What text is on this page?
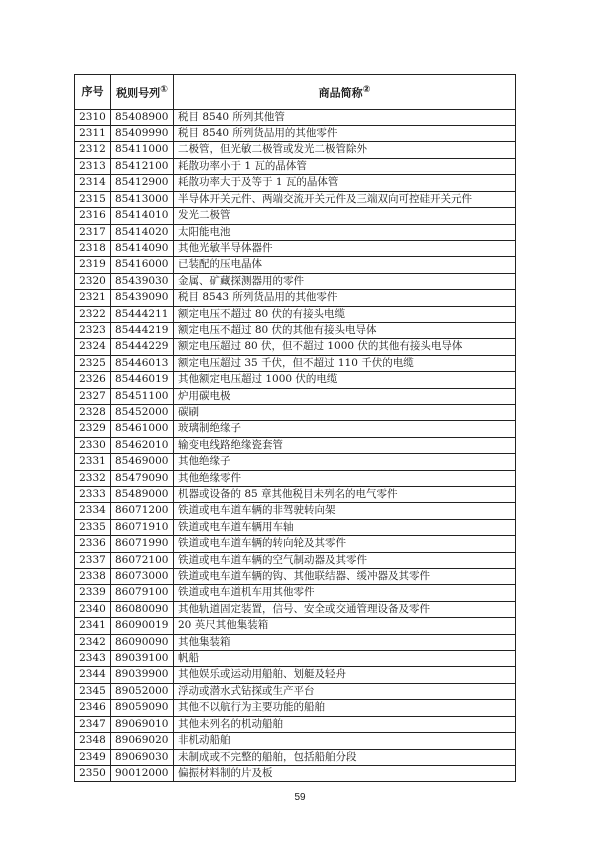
序号	税则号列①	商品简称②
2310	85408900	税目 8540 所列其他管
2311	85409990	税目 8540 所列货品用的其他零件
2312	85411000	二极管，但光敏二极管或发光二极管除外
2313	85412100	耗散功率小于 1 瓦的晶体管
2314	85412900	耗散功率大于及等于 1 瓦的晶体管
2315	85413000	半导体开关元件、两端交流开关元件及三端双向可控硅开关元件
2316	85414010	发光二极管
2317	85414020	太阳能电池
2318	85414090	其他光敏半导体器件
2319	85416000	已装配的压电晶体
2320	85439030	金属、矿藏探测器用的零件
2321	85439090	税目 8543 所列货品用的其他零件
2322	85444211	额定电压不超过 80 伏的有接头电缆
2323	85444219	额定电压不超过 80 伏的其他有接头电导体
2324	85444229	额定电压超过 80 伏，但不超过 1000 伏的其他有接头电导体
2325	85446013	额定电压超过 35 千伏，但不超过 110 千伏的电缆
2326	85446019	其他额定电压超过 1000 伏的电缆
2327	85451100	炉用碳电极
2328	85452000	碳刷
2329	85461000	玻璃制绝缘子
2330	85462010	输变电线路绝缘瓷套管
2331	85469000	其他绝缘子
2332	85479090	其他绝缘零件
2333	85489000	机器或设备的 85 章其他税目未列名的电气零件
2334	86071200	铁道或电车道车辆的非驾驶转向架
2335	86071910	铁道或电车道车辆用车轴
2336	86071990	铁道或电车道车辆的转向轮及其零件
2337	86072100	铁道或电车道车辆的空气制动器及其零件
2338	86073000	铁道或电车道车辆的钩、其他联结器、缓冲器及其零件
2339	86079100	铁道或电车道机车用其他零件
2340	86080090	其他轨道固定装置，信号、安全或交通管理设备及零件
2341	86090019	20 英尺其他集装箱
2342	86090090	其他集装箱
2343	89039100	帆船
2344	89039900	其他娱乐或运动用船舶、划艇及轻舟
2345	89052000	浮动或潜水式钻探或生产平台
2346	89059090	其他不以航行为主要功能的船舶
2347	89069010	其他未列名的机动船舶
2348	89069020	非机动船舶
2349	89069030	未制成或不完整的船舶，包括船舶分段
2350	90012000	偏振材料制的片及板
59
